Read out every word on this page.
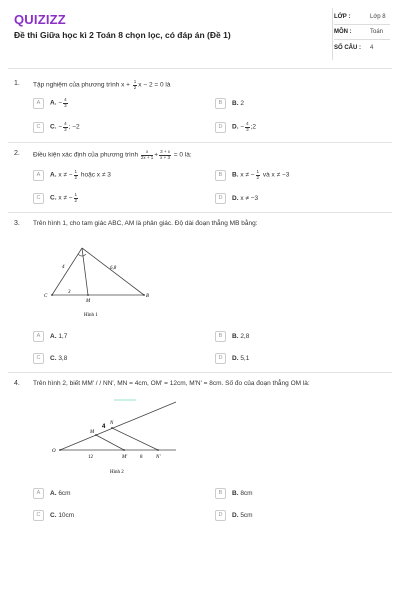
QUIZIZZ
Đề thi Giữa học kì 2 Toán 8 chọn lọc, có đáp án (Đề 1)
LỚP :	Lớp 8
MÔN :	Toán
SỐ CÂU :	4
1. Tập nghiệm của phương trình $x + \frac{1}{2}$ x − 2 = 0 là
A	A. − $\frac{4}{3}$	B	B. 2
C	C. − $\frac{4}{3}$ ; −2	D	D. − $\frac{4}{3}$ ;2
2. Điều kiện xác định của phương trình $\frac{x}{2x + 1} + \frac{3 + x}{x + 3} = 0$ là:
A	A. x ≠ − $\frac{1}{2}$ hoặc x ≠ 3	B	B. x ≠ − $\frac{1}{2}$ và x ≠ −3
C	C. x ≠ − $\frac{1}{2}$	D	D. x ≠ −3
3. Trên hình 1, cho tam giác ABC, AM là phân giác. Độ dài đoạn thẳng MB bằng:
4	6,8
C
M
B
3
Hình 1
A	A. 1,7	B	B. 2,8
C	C. 3,8	D	D. 5,1
4. Trên hình 2, biết MM' / / NN', MN = 4cm, OM' = 12cm, M'N' = 8cm. Số đo của đoạn thẳng OM là:
N
M
4
O
12	M'	8	N'
Hình 2
A	A. 6cm	B	B. 8cm
C	C. 10cm	D	D. 5cm
